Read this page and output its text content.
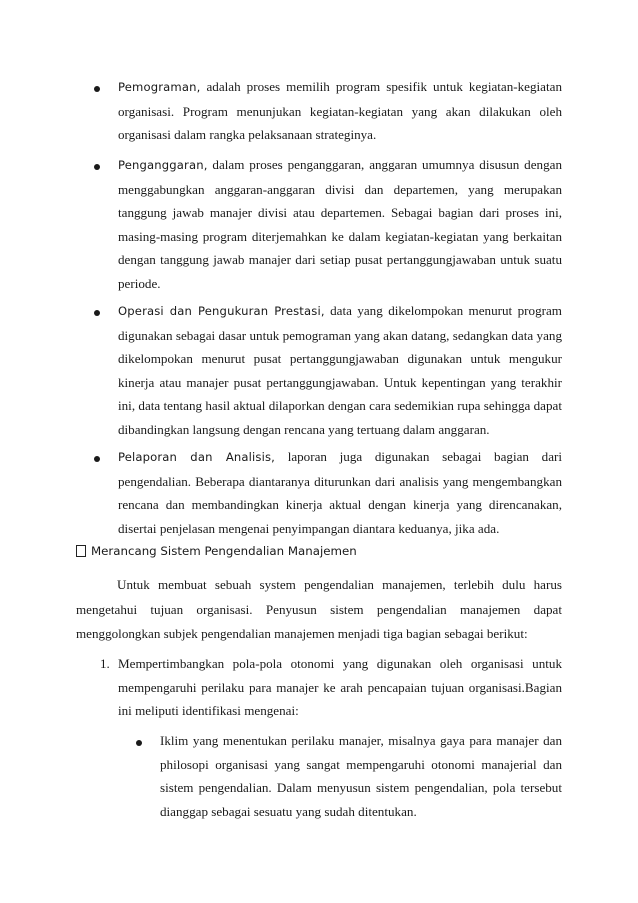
Pemograman, adalah proses memilih program spesifik untuk kegiatan-kegiatan organisasi. Program menunjukan kegiatan-kegiatan yang akan dilakukan oleh organisasi dalam rangka pelaksanaan strateginya.
Penganggaran, dalam proses penganggaran, anggaran umumnya disusun dengan menggabungkan anggaran-anggaran divisi dan departemen, yang merupakan tanggung jawab manajer divisi atau departemen. Sebagai bagian dari proses ini, masing-masing program diterjemahkan ke dalam kegiatan-kegiatan yang berkaitan dengan tanggung jawab manajer dari setiap pusat pertanggungjawaban untuk suatu periode.
Operasi dan Pengukuran Prestasi, data yang dikelompokan menurut program digunakan sebagai dasar untuk pemograman yang akan datang, sedangkan data yang dikelompokan menurut pusat pertanggungjawaban digunakan untuk mengukur kinerja atau manajer pusat pertanggungjawaban. Untuk kepentingan yang terakhir ini, data tentang hasil aktual dilaporkan dengan cara sedemikian rupa sehingga dapat dibandingkan langsung dengan rencana yang tertuang dalam anggaran.
Pelaporan dan Analisis, laporan juga digunakan sebagai bagian dari pengendalian. Beberapa diantaranya diturunkan dari analisis yang mengembangkan rencana dan membandingkan kinerja aktual dengan kinerja yang direncanakan, disertai penjelasan mengenai penyimpangan diantara keduanya, jika ada.
Merancang Sistem Pengendalian Manajemen
Untuk membuat sebuah system pengendalian manajemen, terlebih dulu harus mengetahui tujuan organisasi. Penyusun sistem pengendalian manajemen dapat menggolongkan subjek pengendalian manajemen menjadi tiga bagian sebagai berikut:
1. Mempertimbangkan pola-pola otonomi yang digunakan oleh organisasi untuk mempengaruhi perilaku para manajer ke arah pencapaian tujuan organisasi.Bagian ini meliputi identifikasi mengenai:
Iklim yang menentukan perilaku manajer, misalnya gaya para manajer dan philosopi organisasi yang sangat mempengaruhi otonomi manajerial dan sistem pengendalian. Dalam menyusun sistem pengendalian, pola tersebut dianggap sebagai sesuatu yang sudah ditentukan.
